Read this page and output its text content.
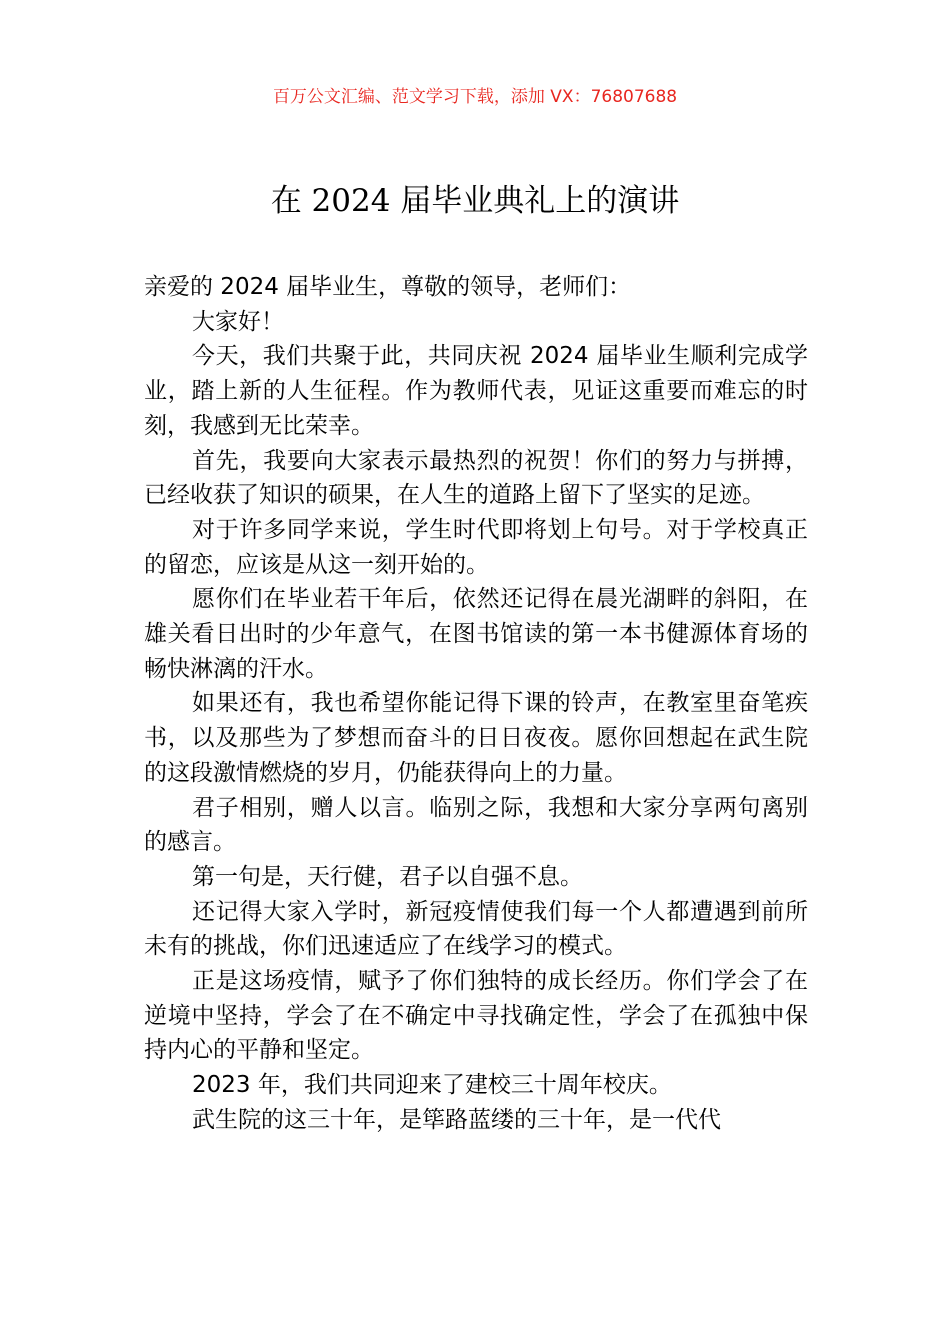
百万公文汇编、范文学习下载，添加 VX：76807688
在 2024 届毕业典礼上的演讲

亲爱的 2024 届毕业生，尊敬的领导，老师们：

大家好！

今天，我们共聚于此，共同庆祝 2024 届毕业生顺利完成学业，踏上新的人生征程。作为教师代表，见证这重要而难忘的时刻，我感到无比荣幸。

首先，我要向大家表示最热烈的祝贺！你们的努力与拼搏，已经收获了知识的硕果，在人生的道路上留下了坚实的足迹。

对于许多同学来说，学生时代即将划上句号。对于学校真正的留恋，应该是从这一刻开始的。

愿你们在毕业若干年后，依然还记得在晨光湖畔的斜阳，在雄关看日出时的少年意气，在图书馆读的第一本书健源体育场的畅快淋漓的汗水。

如果还有，我也希望你能记得下课的铃声，在教室里奋笔疾书，以及那些为了梦想而奋斗的日日夜夜。愿你回想起在武生院的这段激情燃烧的岁月，仍能获得向上的力量。

君子相别，赠人以言。临别之际，我想和大家分享两句离别的感言。

第一句是，天行健，君子以自强不息。

还记得大家入学时，新冠疫情使我们每一个人都遭遇到前所未有的挑战，你们迅速适应了在线学习的模式。

正是这场疫情，赋予了你们独特的成长经历。你们学会了在逆境中坚持，学会了在不确定中寻找确定性，学会了在孤独中保持内心的平静和坚定。

2023 年，我们共同迎来了建校三十周年校庆。

武生院的这三十年，是筚路蓝缕的三十年，是一代代
